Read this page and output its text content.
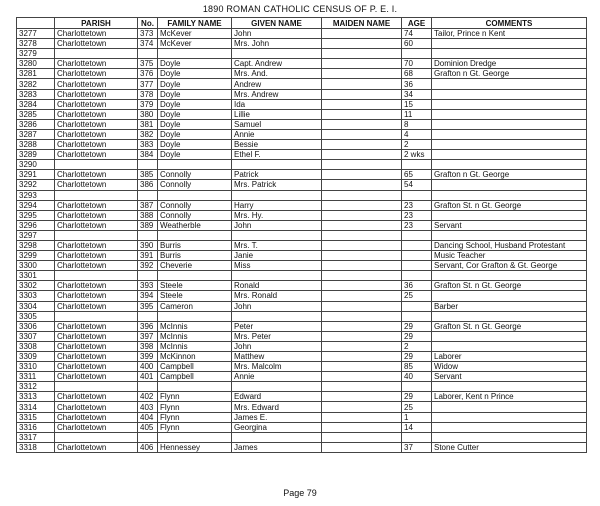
1890 ROMAN CATHOLIC CENSUS OF P. E. I.
	PARISH	No.	FAMILY NAME	GIVEN NAME	MAIDEN NAME	AGE	COMMENTS
3277	Charlottetown	373	McKever	John		74	Tailor, Prince n Kent
3278	Charlottetown	374	McKever	Mrs. John		60	
3279							
3280	Charlottetown	375	Doyle	Capt. Andrew		70	Dominion Dredge
3281	Charlottetown	376	Doyle	Mrs. And.		68	Grafton n Gt. George
3282	Charlottetown	377	Doyle	Andrew		36	
3283	Charlottetown	378	Doyle	Mrs. Andrew		34	
3284	Charlottetown	379	Doyle	Ida		15	
3285	Charlottetown	380	Doyle	Lillie		11	
3286	Charlottetown	381	Doyle	Samuel		8	
3287	Charlottetown	382	Doyle	Annie		4	
3288	Charlottetown	383	Doyle	Bessie		2	
3289	Charlottetown	384	Doyle	Ethel F.		2 wks	
3290							
3291	Charlottetown	385	Connolly	Patrick		65	Grafton n Gt. George
3292	Charlottetown	386	Connolly	Mrs. Patrick		54	
3293							
3294	Charlottetown	387	Connolly	Harry		23	Grafton St. n Gt. George
3295	Charlottetown	388	Connolly	Mrs. Hy.		23	
3296	Charlottetown	389	Weatherble	John		23	Servant
3297							
3298	Charlottetown	390	Burris	Mrs. T.			Dancing School, Husband Protestant
3299	Charlottetown	391	Burris	Janie			Music Teacher
3300	Charlottetown	392	Cheverie	Miss			Servant, Cor Grafton & Gt. George
3301							
3302	Charlottetown	393	Steele	Ronald		36	Grafton St. n Gt. George
3303	Charlottetown	394	Steele	Mrs. Ronald		25	
3304	Charlottetown	395	Cameron	John			Barber
3305							
3306	Charlottetown	396	McInnis	Peter		29	Grafton St. n Gt. George
3307	Charlottetown	397	McInnis	Mrs. Peter		29	
3308	Charlottetown	398	McInnis	John		2	
3309	Charlottetown	399	McKinnon	Matthew		29	Laborer
3310	Charlottetown	400	Campbell	Mrs. Malcolm		85	Widow
3311	Charlottetown	401	Campbell	Annie		40	Servant
3312							
3313	Charlottetown	402	Flynn	Edward		29	Laborer, Kent n Prince
3314	Charlottetown	403	Flynn	Mrs. Edward		25	
3315	Charlottetown	404	Flynn	James E.		1	
3316	Charlottetown	405	Flynn	Georgina		14	
3317							
3318	Charlottetown	406	Hennessey	James		37	Stone Cutter
Page 79
